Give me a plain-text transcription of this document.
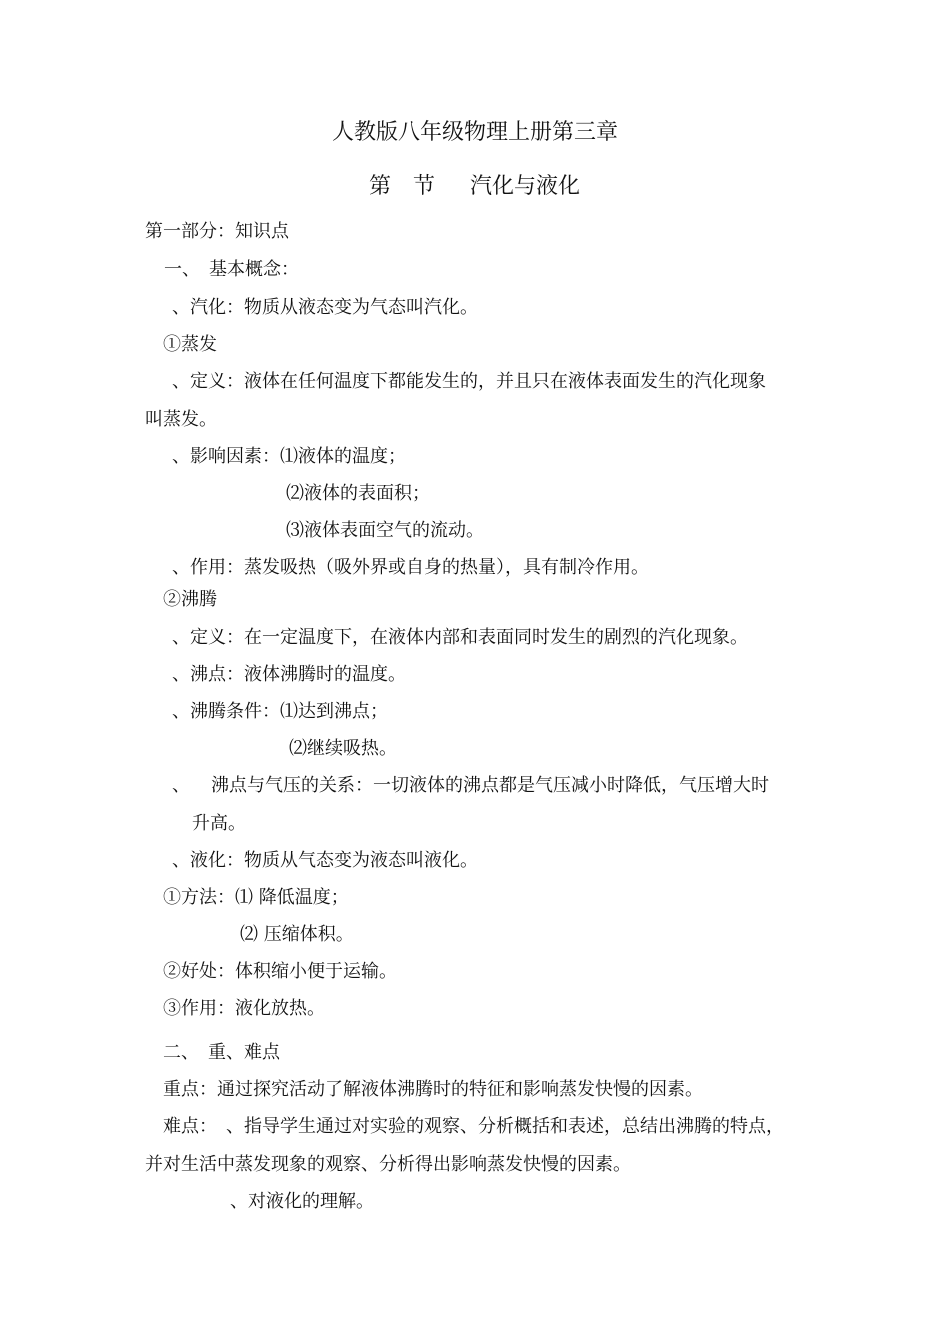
人教版八年级物理上册第三章
第　节 汽化与液化
第一部分：知识点
一、　基本概念：
、汽化：物质从液态变为气态叫汽化。
①蒸发
、定义：液体在任何温度下都能发生的，并且只在液体表面发生的汽化现象
叫蒸发。
、影响因素：⑴液体的温度；
⑵液体的表面积；
⑶液体表面空气的流动。
、作用：蒸发吸热（吸外界或自身的热量），具有制冷作用。
②沸腾
、定义：在一定温度下，在液体内部和表面同时发生的剧烈的汽化现象。
、沸点：液体沸腾时的温度。
、沸腾条件：⑴达到沸点；
⑵继续吸热。
、 沸点与气压的关系：一切液体的沸点都是气压减小时降低，气压增大时
升高。
、液化：物质从气态变为液态叫液化。
①方法：⑴ 降低温度；
⑵ 压缩体积。
②好处：体积缩小便于运输。
③作用：液化放热。
二、　重、难点
重点：通过探究活动了解液体沸腾时的特征和影响蒸发快慢的因素。
难点：　、指导学生通过对实验的观察、分析概括和表述，总结出沸腾的特点，
并对生活中蒸发现象的观察、分析得出影响蒸发快慢的因素。
、对液化的理解。
